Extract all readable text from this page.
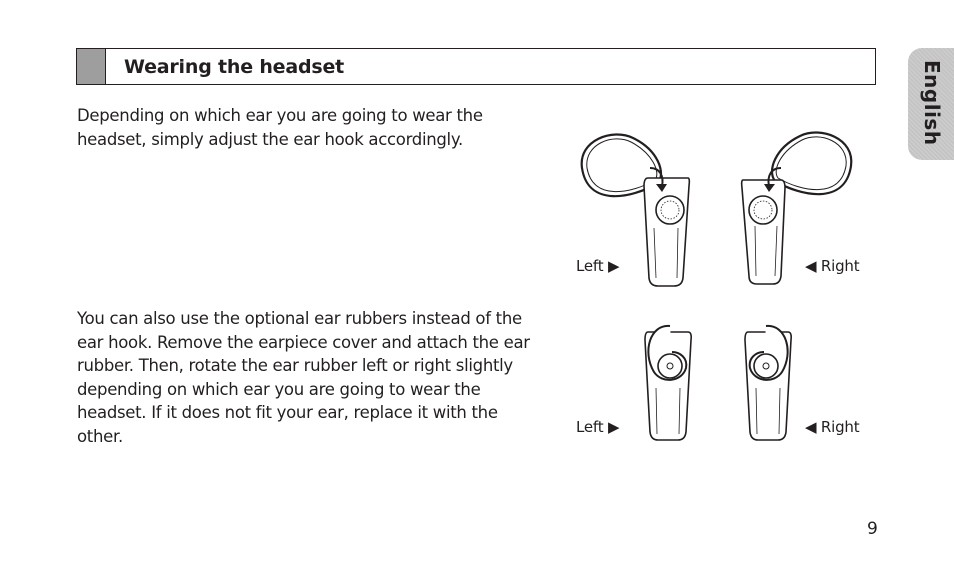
Wearing the headset	English

Depending on which ear you are going to wear the headset, simply adjust the ear hook accordingly.

You can also use the optional ear rubbers instead of the ear hook. Remove the earpiece cover and attach the ear rubber. Then, rotate the ear rubber left or right slightly depending on which ear you are going to wear the headset. If it does not fit your ear, replace it with the other.

Left ▶	◀ Right
Left ▶	◀ Right
9
